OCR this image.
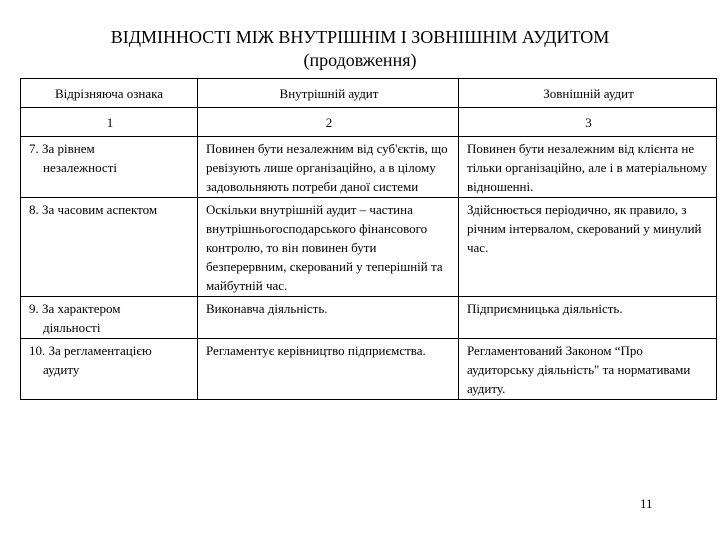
ВІДМІННОСТІ МІЖ ВНУТРІШНІМ І ЗОВНІШНІМ АУДИТОМ
(продовження)
Відрізняюча ознака	Внутрішній аудит	Зовнішній аудит
1	2	3

7. За рівнем
незалежності	Повинен бути незалежним від суб'єктів, що ревізують лише організаційно, а в цілому задовольняють потреби даної системи	Повинен бути незалежним від клієнта не тільки організаційно, але і в матеріальному відношенні.

8. За часовим аспектом	Оскільки внутрішній аудит – частина внутрішньогосподарського фінансового контролю, то він повинен бути безперервним, скерований у теперішній та майбутній час.	Здійснюється періодично, як правило, з річним інтервалом, скерований у минулий час.

9. За характером
діяльності	Виконавча діяльність.	Підприємницька діяльність.

10. За регламентацією
аудиту	Регламентує керівництво підприємства.	Регламентований Законом “Про аудиторську діяльність" та нормативами аудиту.
11
